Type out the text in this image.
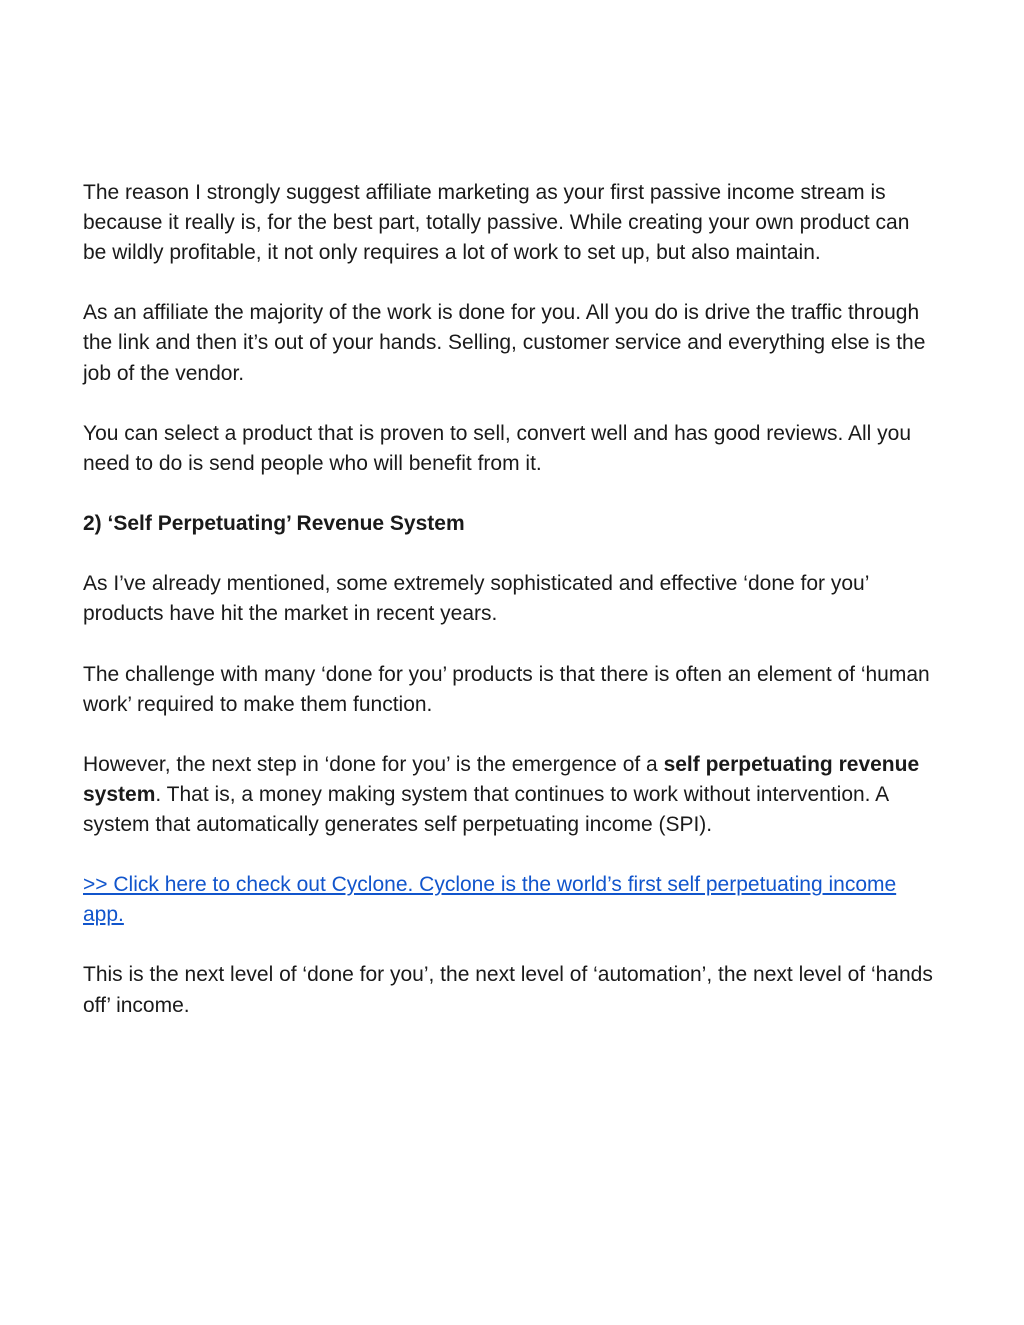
The reason I strongly suggest affiliate marketing as your first passive income stream is because it really is, for the best part, totally passive. While creating your own product can be wildly profitable, it not only requires a lot of work to set up, but also maintain.

As an affiliate the majority of the work is done for you. All you do is drive the traffic through the link and then it’s out of your hands. Selling, customer service and everything else is the job of the vendor.

You can select a product that is proven to sell, convert well and has good reviews. All you need to do is send people who will benefit from it.

2) ‘Self Perpetuating’ Revenue System

As I’ve already mentioned, some extremely sophisticated and effective ‘done for you’ products have hit the market in recent years.

The challenge with many ‘done for you’ products is that there is often an element of ‘human work’ required to make them function.

However, the next step in ‘done for you’ is the emergence of a self perpetuating revenue system. That is, a money making system that continues to work without intervention. A system that automatically generates self perpetuating income (SPI).

>> Click here to check out Cyclone. Cyclone is the world’s first self perpetuating income app.

This is the next level of ‘done for you’, the next level of ‘automation’, the next level of ‘hands off’ income.
